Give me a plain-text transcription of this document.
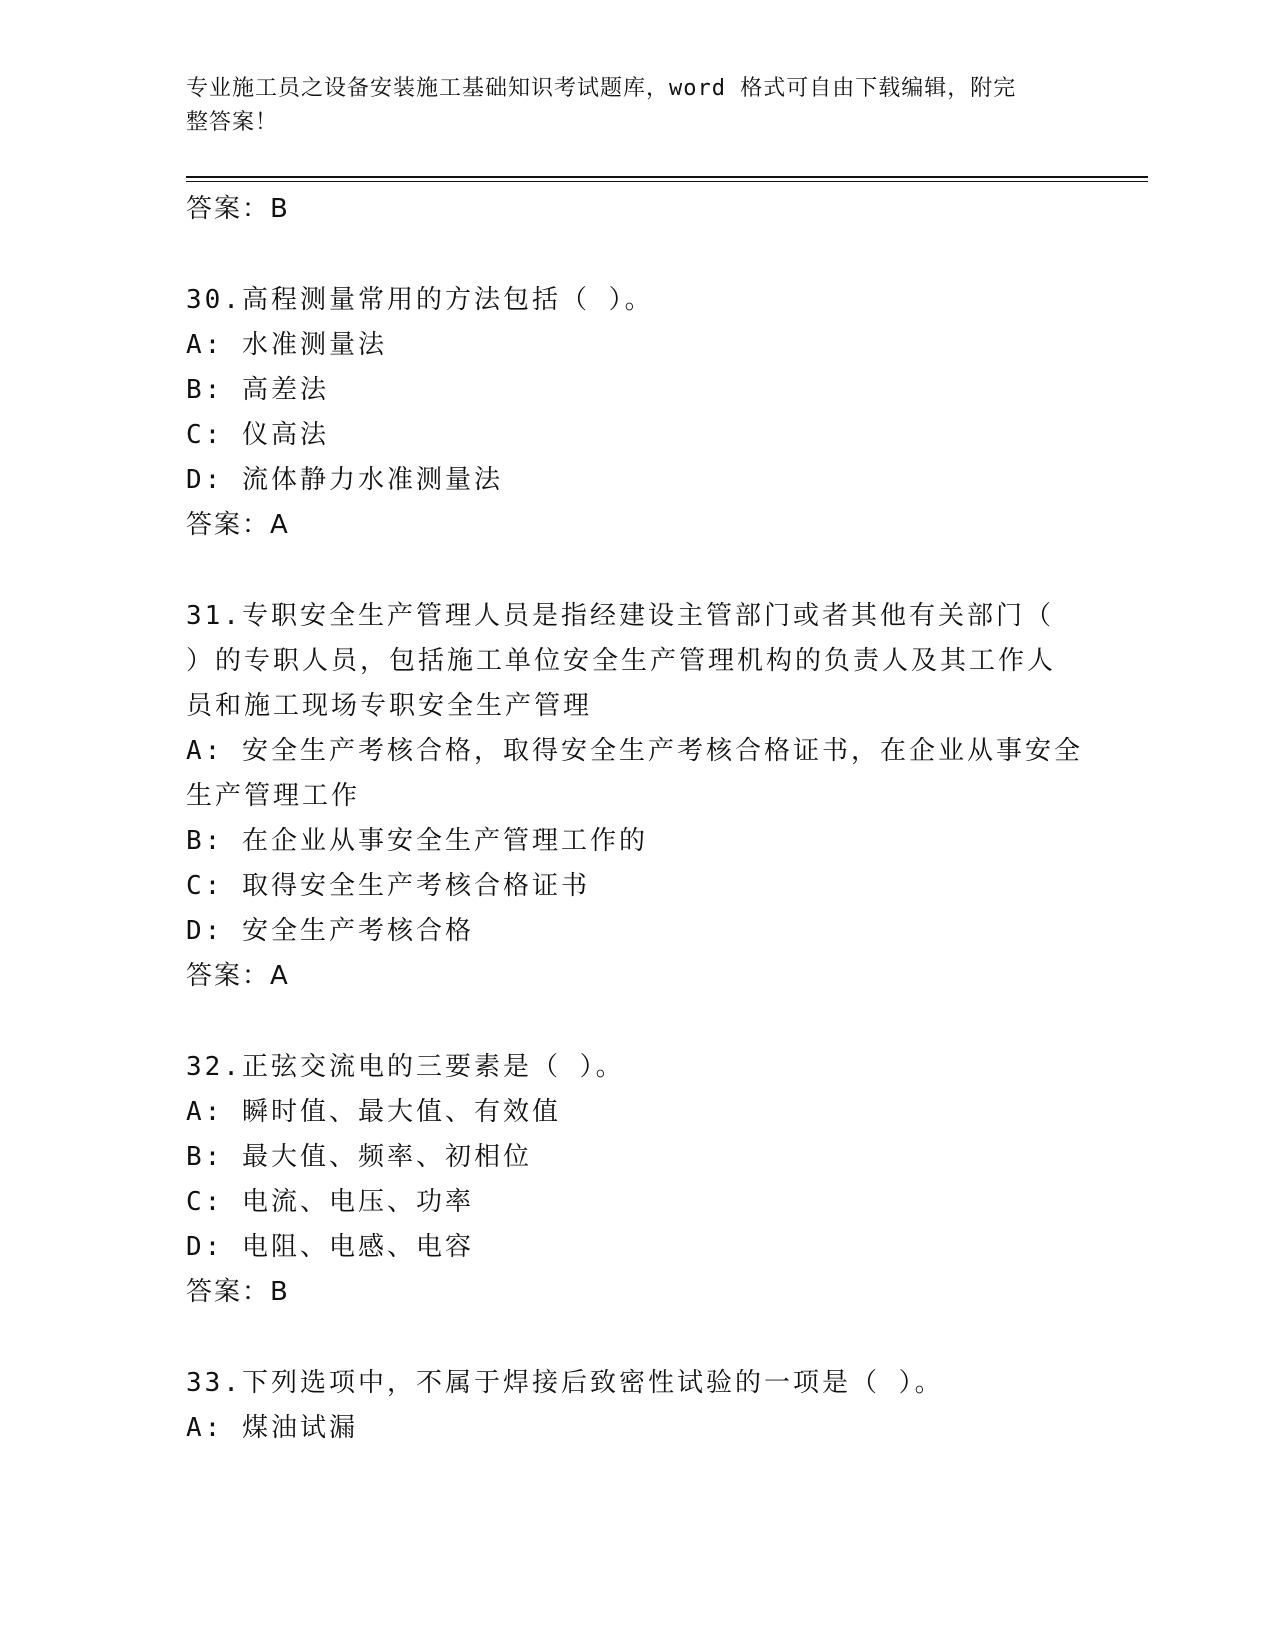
专业施工员之设备安装施工基础知识考试题库，word 格式可自由下载编辑，附完
整答案！
答案：B
30.高程测量常用的方法包括（ ）。
A: 水准测量法
B: 高差法
C: 仪高法
D: 流体静力水准测量法
答案：A
31.专职安全生产管理人员是指经建设主管部门或者其他有关部门（
）的专职人员，包括施工单位安全生产管理机构的负责人及其工作人
员和施工现场专职安全生产管理
A: 安全生产考核合格，取得安全生产考核合格证书，在企业从事安全
生产管理工作
B: 在企业从事安全生产管理工作的
C: 取得安全生产考核合格证书
D: 安全生产考核合格
答案：A
32.正弦交流电的三要素是（ ）。
A: 瞬时值、最大值、有效值
B: 最大值、频率、初相位
C: 电流、电压、功率
D: 电阻、电感、电容
答案：B
33.下列选项中，不属于焊接后致密性试验的一项是（ ）。
A: 煤油试漏
